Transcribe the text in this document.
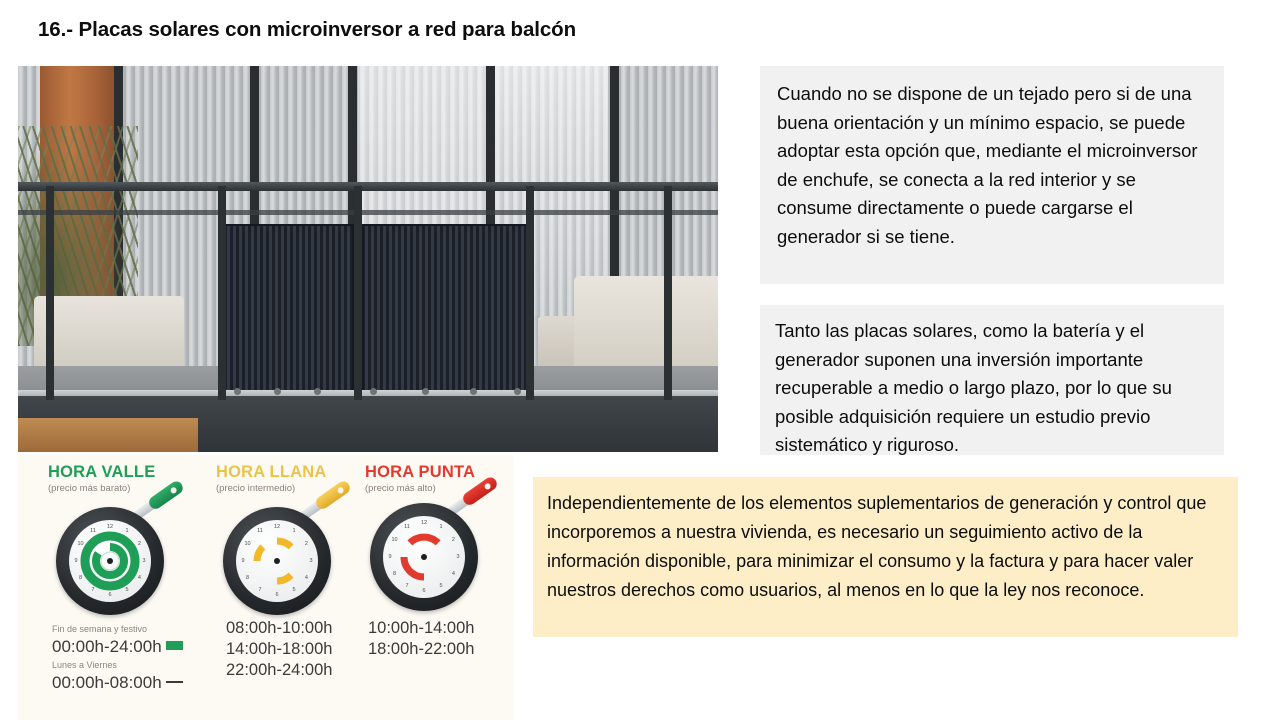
16.- Placas solares con microinversor a red para balcón
HORA VALLE
(precio más barato)
HORA LLANA
(precio intermedio)
HORA PUNTA
(precio más alto)
12
1
2
3
4
5
6
7
8
9
10
11
12
1
2
3
4
5
6
7
8
9
10
11
12
1
2
3
4
5
6
7
8
9
10
11
Fin de semana y festivo
00:00h-24:00h
Lunes a Viernes
00:00h-08:00h
08:00h-10:00h
14:00h-18:00h
22:00h-24:00h
10:00h-14:00h
18:00h-22:00h

Cuando no se dispone de un tejado pero si de una buena orientación y un mínimo espacio, se puede adoptar esta opción que, mediante el microinversor de enchufe, se conecta a la red interior y se consume directamente o puede cargarse el generador si se tiene.

Tanto las placas solares, como la batería y el generador suponen una inversión importante recuperable a medio o largo plazo, por lo que su posible adquisición requiere un estudio previo sistemático y riguroso.

Independientemente de los elementos suplementarios de generación y control que incorporemos a nuestra vivienda, es necesario un seguimiento activo de la información disponible, para minimizar el consumo y la factura y para hacer valer nuestros derechos como usuarios, al menos en lo que la ley nos reconoce.
